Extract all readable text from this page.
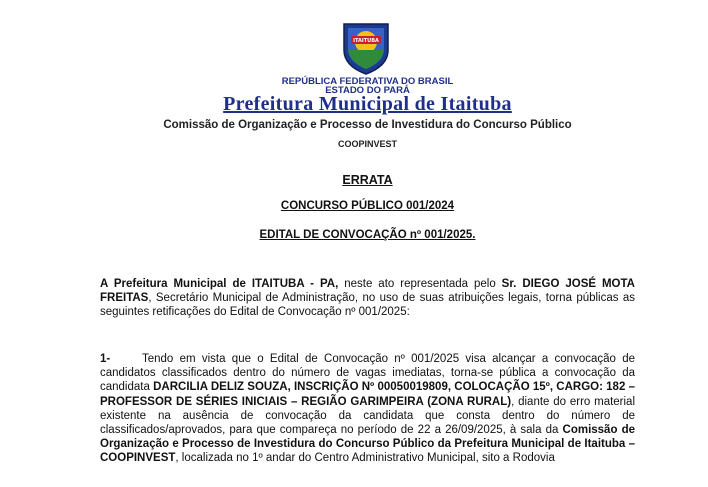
ITAITUBA
REPÚBLICA FEDERATIVA DO BRASIL
ESTADO DO PARÁ
Prefeitura Municipal de Itaituba
Comissão de Organização e Processo de Investidura do Concurso Público
COOPINVEST
ERRATA
CONCURSO PÚBLICO 001/2024
EDITAL DE CONVOCAÇÃO nº 001/2025.
A Prefeitura Municipal de ITAITUBA - PA, neste ato representada pelo Sr. DIEGO JOSÉ MOTA FREITAS, Secretário Municipal de Administração, no uso de suas atribuições legais, torna públicas as seguintes retificações do Edital de Convocação nº 001/2025:
1-	Tendo em vista que o Edital de Convocação nº 001/2025 visa alcançar a convocação de candidatos classificados dentro do número de vagas imediatas, torna-se pública a convocação da candidata DARCILIA DELIZ SOUZA, INSCRIÇÃO Nº 00050019809, COLOCAÇÃO 15º, CARGO: 182 – PROFESSOR DE SÉRIES INICIAIS – REGIÃO GARIMPEIRA (ZONA RURAL), diante do erro material existente na ausência de convocação da candidata que consta dentro do número de classificados/aprovados, para que compareça no período de 22 a 26/09/2025, à sala da Comissão de Organização e Processo de Investidura do Concurso Público da Prefeitura Municipal de Itaituba – COOPINVEST, localizada no 1º andar do Centro Administrativo Municipal, sito a Rodovia
